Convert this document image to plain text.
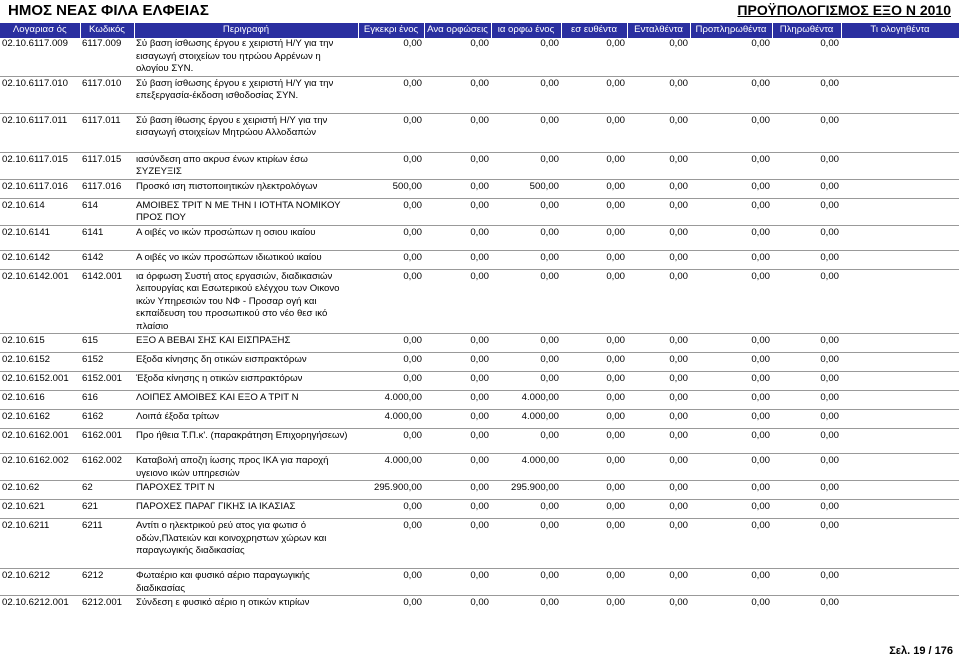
ΗΜΟΣ ΝΕΑΣ ΦΙΛΑ ΕΛΦΕΙΑΣ	ΠΡΟΫΠΟΛΟΓΙΣΜΟΣ ΕΞΟ Ν 2010
Λογαριασ ός	Κωδικός	Περιγραφή	Εγκεκρι ένος	Ανα ορφώσεις	ια ορφω ένος	εσ ευθέντα	Ενταλθέντα	Προπληρωθέντα	Πληρωθέντα	Τι ολογηθέντα
02.10.6117.009	6117.009	Σύ βαση ίσθωσης έργου ε χειριστή Η/Υ για την εισαγωγή στοιχείων του ητρώου Αρρένων η ολογίου ΣΥΝ.	0,00	0,00	0,00	0,00	0,00	0,00	0,00	
02.10.6117.010	6117.010	Σύ βαση ίσθωσης έργου ε χειριστή Η/Υ για την επεξεργασία-έκδοση ισθοδοσίας ΣΥΝ.	0,00	0,00	0,00	0,00	0,00	0,00	0,00	
02.10.6117.011	6117.011	Σύ βαση ίθωσης έργου ε χειριστή Η/Υ για την εισαγωγή στοιχείων Μητρώου Αλλοδαπών	0,00	0,00	0,00	0,00	0,00	0,00	0,00	
02.10.6117.015	6117.015	ιασύνδεση απο ακρυσ ένων κτιρίων έσω ΣΥΖΕΥΞΙΣ	0,00	0,00	0,00	0,00	0,00	0,00	0,00	
02.10.6117.016	6117.016	Προσκό ιση πιστοποιητικών ηλεκτρολόγων	500,00	0,00	500,00	0,00	0,00	0,00	0,00	
02.10.614	614	ΑΜΟΙΒΕΣ ΤΡΙΤ Ν ΜΕ ΤΗΝ Ι ΙΟΤΗΤΑ ΝΟΜΙΚΟΥ ΠΡΟΣ ΠΟΥ	0,00	0,00	0,00	0,00	0,00	0,00	0,00	
02.10.6141	6141	Α οιβές νο ικών προσώπων η οσιου ικαίου	0,00	0,00	0,00	0,00	0,00	0,00	0,00	
02.10.6142	6142	Α οιβές νο ικών προσώπων ιδιωτικού ικαίου	0,00	0,00	0,00	0,00	0,00	0,00	0,00	
02.10.6142.001	6142.001	ια όρφωση Συστή ατος εργασιών, διαδικασιών λειτουργίας και Εσωτερικού ελέγχου των Οικονο ικών Υπηρεσιών του ΝΦ - Προσαρ ογή και εκπαίδευση του προσωπικού στο νέο θεσ ικό πλαίσιο	0,00	0,00	0,00	0,00	0,00	0,00	0,00	
02.10.615	615	ΕΞΟ Α ΒΕΒΑΙ ΣΗΣ ΚΑΙ ΕΙΣΠΡΑΞΗΣ	0,00	0,00	0,00	0,00	0,00	0,00	0,00	
02.10.6152	6152	Εξοδα κίνησης δη οτικών εισπρακτόρων	0,00	0,00	0,00	0,00	0,00	0,00	0,00	
02.10.6152.001	6152.001	Έξοδα κίνησης η οτικών εισπρακτόρων	0,00	0,00	0,00	0,00	0,00	0,00	0,00	
02.10.616	616	ΛΟΙΠΕΣ ΑΜΟΙΒΕΣ ΚΑΙ ΕΞΟ Α ΤΡΙΤ Ν	4.000,00	0,00	4.000,00	0,00	0,00	0,00	0,00	
02.10.6162	6162	Λοιπά έξοδα τρίτων	4.000,00	0,00	4.000,00	0,00	0,00	0,00	0,00	
02.10.6162.001	6162.001	Προ ήθεια Τ.Π.κ'. (παρακράτηση Επιχορηγήσεων)	0,00	0,00	0,00	0,00	0,00	0,00	0,00	
02.10.6162.002	6162.002	Καταβολή αποζη ίωσης προς ΙΚΑ για παροχή υγειονο ικών υπηρεσιών	4.000,00	0,00	4.000,00	0,00	0,00	0,00	0,00	
02.10.62	62	ΠΑΡΟΧΕΣ ΤΡΙΤ Ν	295.900,00	0,00	295.900,00	0,00	0,00	0,00	0,00	
02.10.621	621	ΠΑΡΟΧΕΣ ΠΑΡΑΓ ΓΙΚΗΣ ΙΑ ΙΚΑΣΙΑΣ	0,00	0,00	0,00	0,00	0,00	0,00	0,00	
02.10.6211	6211	Αντίτι ο ηλεκτρικού ρεύ ατος για φωτισ ό οδών,Πλατειών και κοινοχρηστων χώρων και παραγωγικής διαδικασίας	0,00	0,00	0,00	0,00	0,00	0,00	0,00	
02.10.6212	6212	Φωταέριο και φυσικό αέριο παραγωγικής διαδικασίας	0,00	0,00	0,00	0,00	0,00	0,00	0,00	
02.10.6212.001	6212.001	Σύνδεση ε φυσικό αέριο η οτικών κτιρίων	0,00	0,00	0,00	0,00	0,00	0,00	0,00	
Σελ. 19 / 176
